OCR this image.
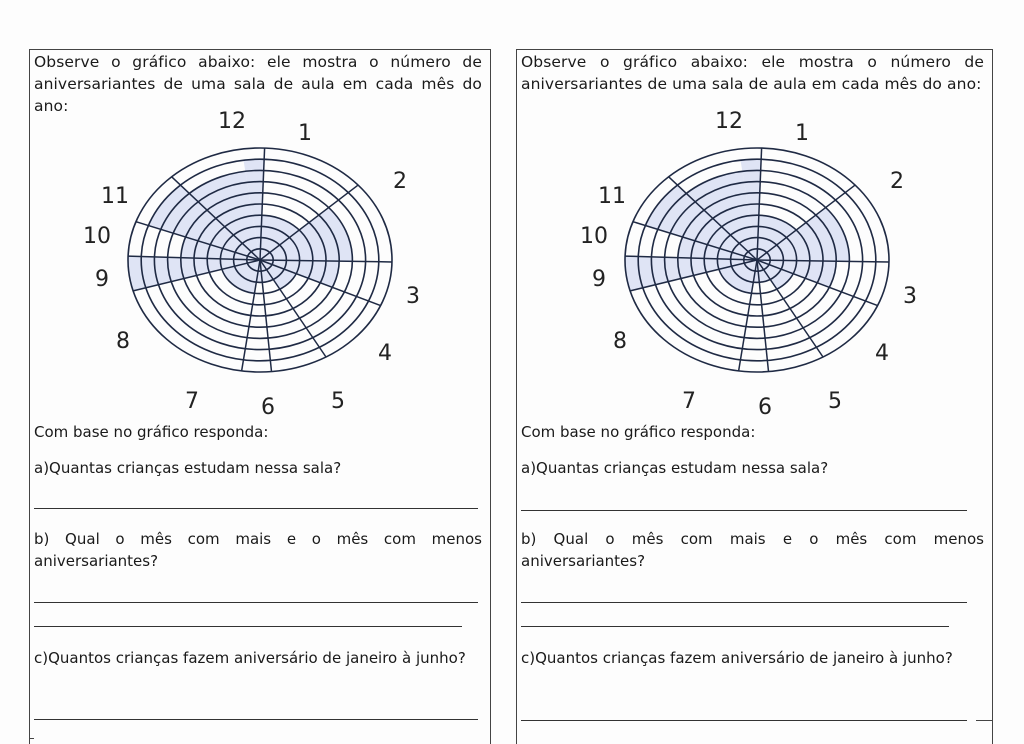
Observe o gráfico abaixo: ele mostra o número de aniversariantes de uma sala de aula em cada mês do ano:
1
2
3
4
5
6
7
8
9
10
11
12
Com base no gráfico responda:
a)Quantas crianças estudam nessa sala?
b) Qual o mês com mais e o mês com menos aniversariantes?
c)Quantos crianças fazem aniversário de janeiro à junho?
Observe o gráfico abaixo: ele mostra o número de aniversariantes de uma sala de aula em cada mês do ano:
1
2
3
4
5
6
7
8
9
10
11
12
Com base no gráfico responda:
a)Quantas crianças estudam nessa sala?
b) Qual o mês com mais e o mês com menos aniversariantes?
c)Quantos crianças fazem aniversário de janeiro à junho?
